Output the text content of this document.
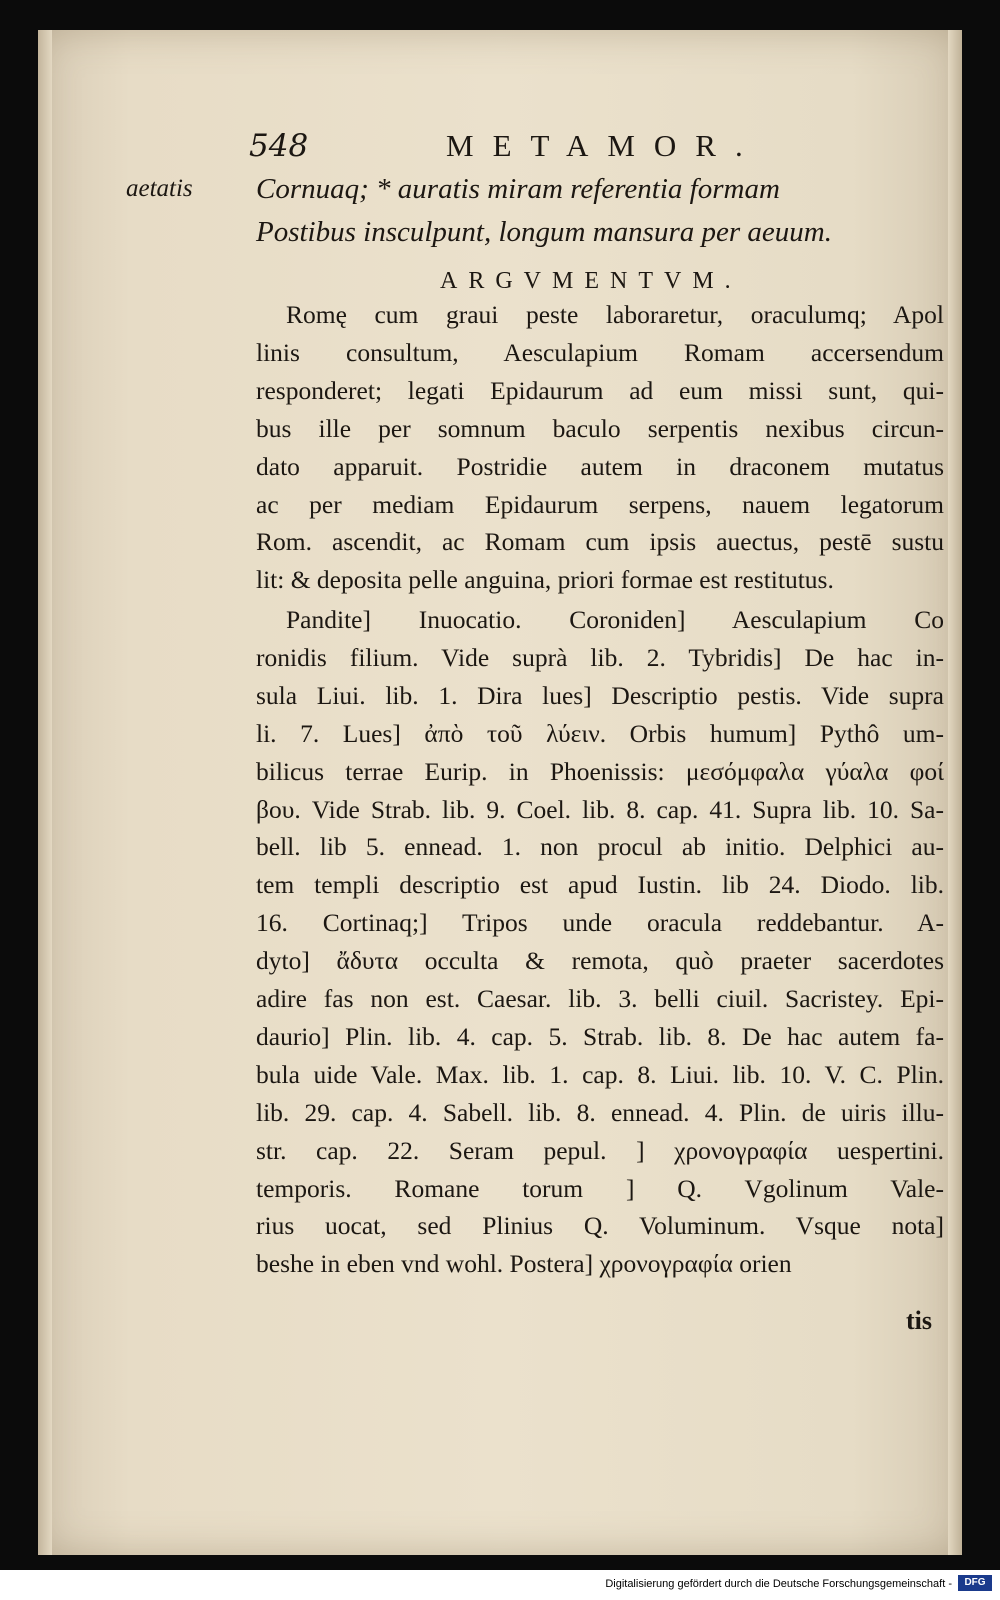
548	METAMOR.
aetatis Cornuaq; * auratis miram referentia formam
Postibus insculpunt, longum mansura per aeuum.
ARGVMENTVM.
Romę cum graui peste laboraretur, oraculumq; Apol
linis consultum, Aesculapium Romam accersendum
responderet; legati Epidaurum ad eum missi sunt, qui-
bus ille per somnum baculo serpentis nexibus circun-
dato apparuit. Postridie autem in draconem mutatus
ac per mediam Epidaurum serpens, nauem legatorum
Rom. ascendit, ac Romam cum ipsis auectus, pestē sustu
lit: & deposita pelle anguina, priori formae est restitutus.
Pandite] Inuocatio. Coroniden] Aesculapium Co
ronidis filium. Vide suprà lib. 2. Tybridis] De hac in-
sula Liui. lib. 1. Dira lues] Descriptio pestis. Vide supra
li. 7. Lues] ἀπὸ τοῦ λύειν. Orbis humum] Pythô um-
bilicus terrae Eurip. in Phoenissis: μεσόμφαλα γύαλα φοί
βου. Vide Strab. lib. 9. Coel. lib. 8. cap. 41. Supra lib. 10. Sa-
bell. lib 5. ennead. 1. non procul ab initio. Delphici au-
tem templi descriptio est apud Iustin. lib 24. Diodo. lib.
16. Cortinaq;] Tripos unde oracula reddebantur. A-
dyto] ἄδυτα occulta & remota, quò praeter sacerdotes
adire fas non est. Caesar. lib. 3. belli ciuil. Sacristey. Epi-
daurio] Plin. lib. 4. cap. 5. Strab. lib. 8. De hac autem fa-
bula uide Vale. Max. lib. 1. cap. 8. Liui. lib. 10. V. C. Plin.
lib. 29. cap. 4. Sabell. lib. 8. ennead. 4. Plin. de uiris illu-
str. cap. 22. Seram pepul. ] χρονογραφία uespertini.
temporis. Romane torum ] Q. Vgolinum Vale-
rius uocat, sed Plinius Q. Voluminum. Vsque nota]
beshe in eben vnd wohl. Postera] χρονογραφία orien
tis
Digitalisierung gefördert durch die Deutsche Forschungsgemeinschaft -	DFG
